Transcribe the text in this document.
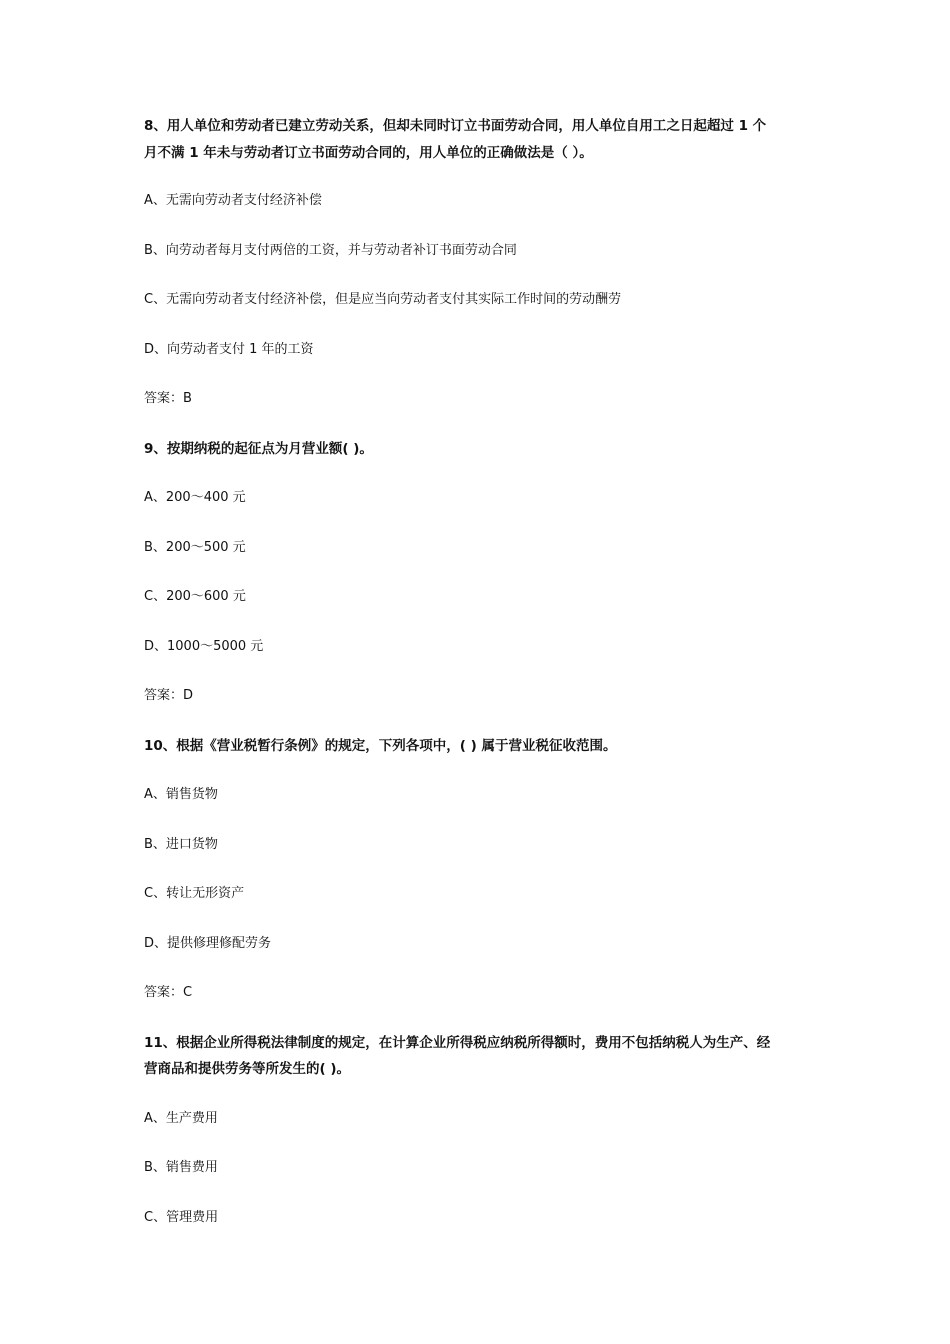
8、用人单位和劳动者已建立劳动关系，但却未同时订立书面劳动合同，用人单位自用工之日起超过 1 个
月不满 1 年未与劳动者订立书面劳动合同的，用人单位的正确做法是（ ）。
A、无需向劳动者支付经济补偿
B、向劳动者每月支付两倍的工资，并与劳动者补订书面劳动合同
C、无需向劳动者支付经济补偿，但是应当向劳动者支付其实际工作时间的劳动酬劳
D、向劳动者支付 1 年的工资
答案：B
9、按期纳税的起征点为月营业额( )。
A、200～400 元
B、200～500 元
C、200～600 元
D、1000～5000 元
答案：D
10、根据《营业税暂行条例》的规定，下列各项中，( ) 属于营业税征收范围。
A、销售货物
B、进口货物
C、转让无形资产
D、提供修理修配劳务
答案：C
11、根据企业所得税法律制度的规定，在计算企业所得税应纳税所得额时，费用不包括纳税人为生产、经
营商品和提供劳务等所发生的( )。
A、生产费用
B、销售费用
C、管理费用
